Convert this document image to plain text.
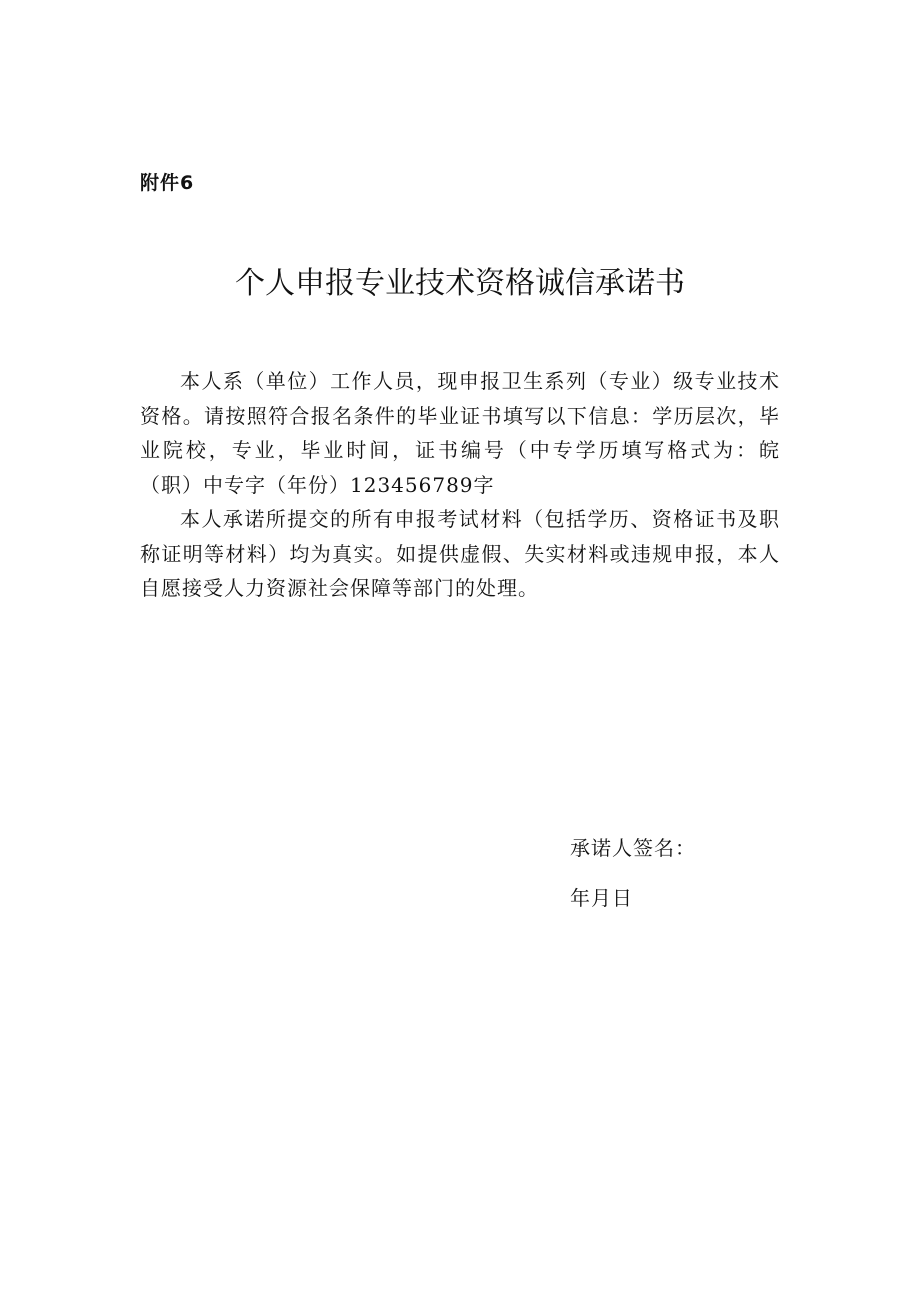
附件6
个人申报专业技术资格诚信承诺书

本人系（单位）工作人员，现申报卫生系列（专业）级专业技术资格。请按照符合报名条件的毕业证书填写以下信息：学历层次，毕业院校，专业，毕业时间，证书编号（中专学历填写格式为：皖（职）中专字（年份）123456789字

本人承诺所提交的所有申报考试材料（包括学历、资格证书及职称证明等材料）均为真实。如提供虚假、失实材料或违规申报，本人自愿接受人力资源社会保障等部门的处理。

承诺人签名：
年月日
